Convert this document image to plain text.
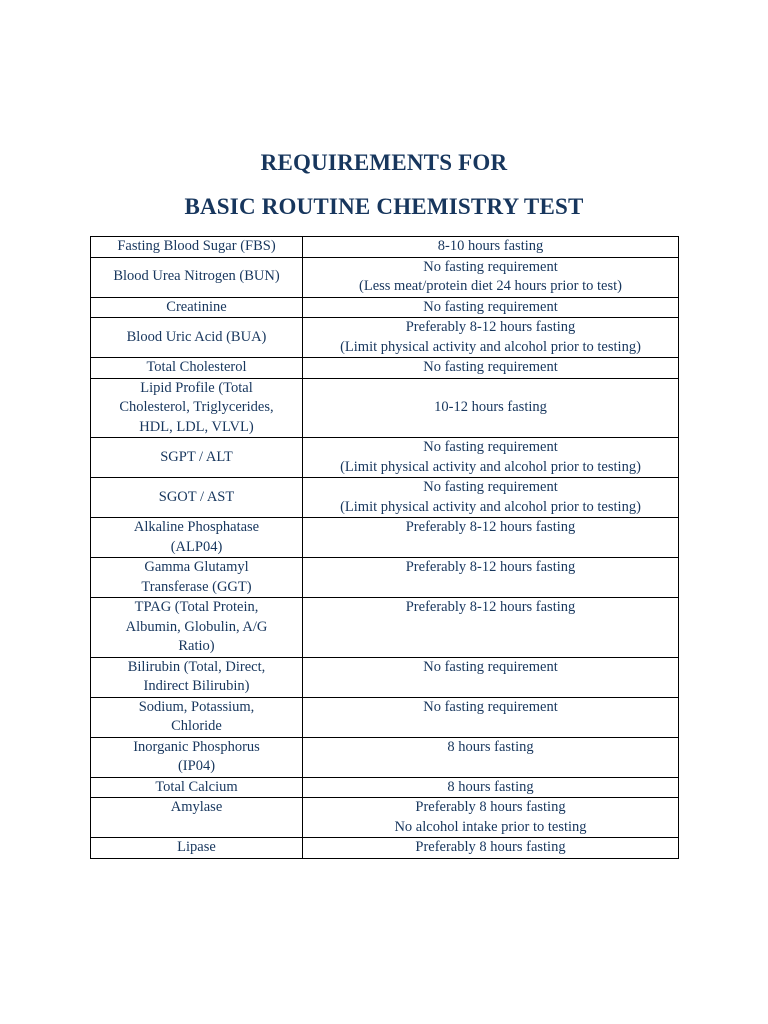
REQUIREMENTS FOR
BASIC ROUTINE CHEMISTRY TEST
Fasting Blood Sugar (FBS)	8-10 hours fasting

Blood Urea Nitrogen (BUN)	No fasting requirement
(Less meat/protein diet 24 hours prior to test)

Creatinine	No fasting requirement

Blood Uric Acid (BUA)	Preferably 8-12 hours fasting
(Limit physical activity and alcohol prior to testing)

Total Cholesterol	No fasting requirement

Lipid Profile (Total
Cholesterol, Triglycerides,
HDL, LDL, VLVL)	10-12 hours fasting

SGPT / ALT	No fasting requirement
(Limit physical activity and alcohol prior to testing)

SGOT / AST	No fasting requirement
(Limit physical activity and alcohol prior to testing)

Alkaline Phosphatase
(ALP04)	Preferably 8-12 hours fasting

Gamma Glutamyl
Transferase (GGT)	Preferably 8-12 hours fasting

TPAG (Total Protein,
Albumin, Globulin, A/G
Ratio)	Preferably 8-12 hours fasting

Bilirubin (Total, Direct,
Indirect Bilirubin)	No fasting requirement

Sodium, Potassium,
Chloride	No fasting requirement

Inorganic Phosphorus
(IP04)	8 hours fasting

Total Calcium	8 hours fasting

Amylase	Preferably 8 hours fasting
No alcohol intake prior to testing

Lipase	Preferably 8 hours fasting
